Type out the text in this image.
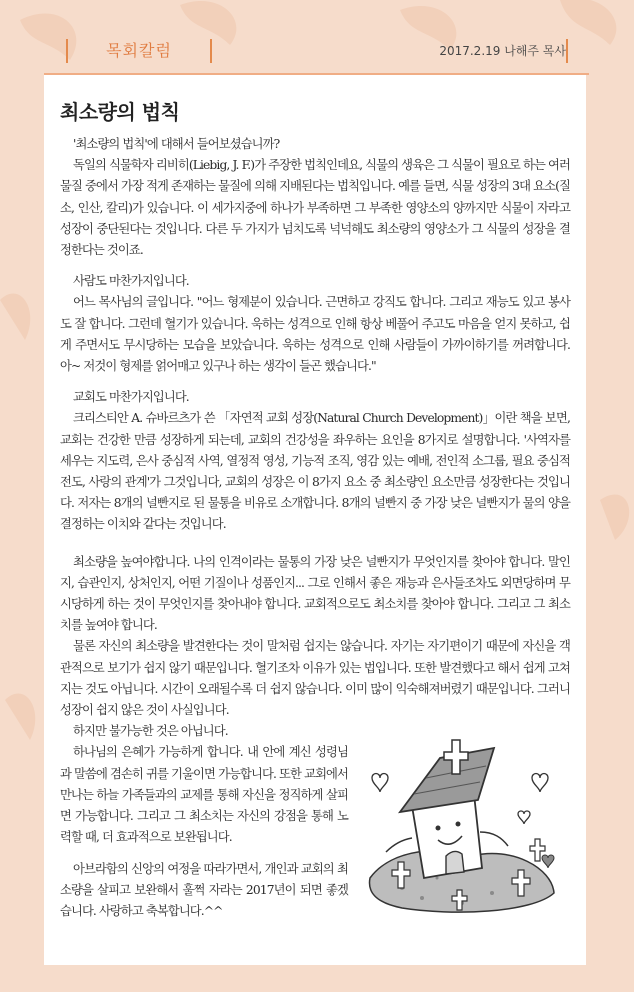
목회칼럼	2017.2.19 나해주 목사
최소량의 법칙

'최소량의 법칙'에 대해서 들어보셨습니까?

독일의 식물학자 리비히(Liebig, J. F.)가 주장한 법칙인데요, 식물의 생육은 그 식물이 필요로 하는 여러 물질 중에서 가장 적게 존재하는 물질에 의해 지배된다는 법칙입니다. 예를 들면, 식물 성장의 3대 요소(질소, 인산, 칼리)가 있습니다. 이 세가지중에 하나가 부족하면 그 부족한 영양소의 양까지만 식물이 자라고 성장이 중단된다는 것입니다. 다른 두 가지가 넘치도록 넉넉해도 최소량의 영양소가 그 식물의 성장을 결정한다는 것이죠.

사람도 마찬가지입니다.

어느 목사님의 글입니다. "어느 형제분이 있습니다. 근면하고 강직도 합니다. 그리고 재능도 있고 봉사도 잘 합니다. 그런데 혈기가 있습니다. 욱하는 성격으로 인해 항상 베풀어 주고도 마음을 얻지 못하고, 쉽게 주면서도 무시당하는 모습을 보았습니다. 욱하는 성격으로 인해 사람들이 가까이하기를 꺼려합니다. 아~ 저것이 형제를 얽어매고 있구나 하는 생각이 들곤 했습니다."

교회도 마찬가지입니다.

크리스티안 A. 슈바르츠가 쓴 「자연적 교회 성장(Natural Church Development)」이란 책을 보면, 교회는 건강한 만큼 성장하게 되는데, 교회의 건강성을 좌우하는 요인을 8가지로 설명합니다. '사역자를 세우는 지도력, 은사 중심적 사역, 열정적 영성, 기능적 조직, 영감 있는 예배, 전인적 소그룹, 필요 중심적 전도, 사랑의 관계'가 그것입니다, 교회의 성장은 이 8가지 요소 중 최소량인 요소만큼 성장한다는 것입니다. 저자는 8개의 널빤지로 된 물통을 비유로 소개합니다. 8개의 널빤지 중 가장 낮은 널빤지가 물의 양을 결정하는 이치와 같다는 것입니다.

최소량을 높여야합니다. 나의 인격이라는 물통의 가장 낮은 널빤지가 무엇인지를 찾아야 합니다. 말인지, 습관인지, 상처인지, 어떤 기질이나 성품인지... 그로 인해서 좋은 재능과 은사들조차도 외면당하며 무시당하게 하는 것이 무엇인지를 찾아내야 합니다. 교회적으로도 최소치를 찾아야 합니다. 그리고 그 최소치를 높여야 합니다.

물론 자신의 최소량을 발견한다는 것이 말처럼 쉽지는 않습니다. 자기는 자기편이기 때문에 자신을 객관적으로 보기가 쉽지 않기 때문입니다. 혈기조차 이유가 있는 법입니다. 또한 발견했다고 해서 쉽게 고쳐지는 것도 아닙니다. 시간이 오래될수록 더 쉽지 않습니다. 이미 많이 익숙해져버렸기 때문입니다. 그러니 성장이 쉽지 않은 것이 사실입니다.

하지만 불가능한 것은 아닙니다.

하나님의 은혜가 가능하게 합니다. 내 안에 계신 성령님과 말씀에 겸손히 귀를 기울이면 가능합니다. 또한 교회에서 만나는 하늘 가족들과의 교제를 통해 자신을 정직하게 살피면 가능합니다. 그리고 그 최소치는 자신의 강점을 통해 노력할 때, 더 효과적으로 보완됩니다.

아브라함의 신앙의 여정을 따라가면서, 개인과 교회의 최소량을 살피고 보완해서 훌쩍 자라는 2017년이 되면 좋겠습니다. 사랑하고 축복합니다.^^
